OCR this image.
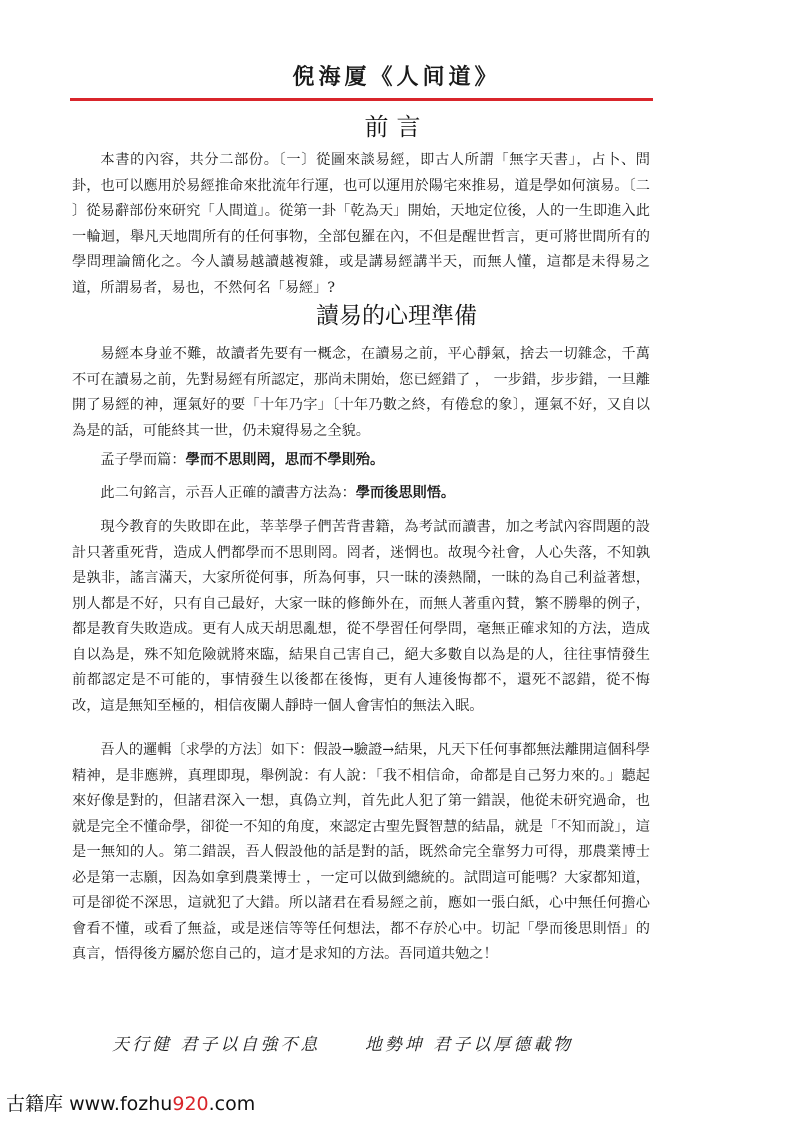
倪海厦《人间道》
前言

本書的內容，共分二部份。〔一〕從圖來談易經，即古人所謂「無字天書」，占卜、問卦，也可以應用於易經推命來批流年行運，也可以運用於陽宅來推易，道是學如何演易。〔二 〕從易辭部份來研究「人間道」。從第一卦「乾為天」開始，天地定位後，人的一生即進入此一輪迴，舉凡天地間所有的任何事物，全部包羅在內，不但是醒世哲言，更可將世間所有的學問理論簡化之。今人讀易越讀越複雜，或是講易經講半天，而無人懂，這都是未得易之道，所謂易者，易也，不然何名「易經」?

讀易的心理準備

易經本身並不難，故讀者先要有一概念，在讀易之前，平心靜氣，捨去一切雜念，千萬不可在讀易之前，先對易經有所認定，那尚未開始，您已經錯了 ， 一步錯，步步錯，一旦離開了易經的神，運氣好的要「十年乃字」〔十年乃數之終，有倦怠的象〕，運氣不好，又自以為是的話，可能終其一世，仍未窺得易之全貌。

孟子學而篇：學而不思則罔，思而不學則殆。

此二句銘言，示吾人正確的讀書方法為：學而後思則悟。

現今教育的失敗即在此，莘莘學子們苦背書籍，為考試而讀書，加之考試內容問題的設計只著重死背，造成人們都學而不思則罔。罔者，迷惘也。故現今社會，人心失落，不知孰是孰非，謠言滿天，大家所從何事，所為何事，只一昧的湊熱鬧，一昧的為自己利益著想，別人都是不好，只有自己最好，大家一昧的修飾外在，而無人著重內賛，繁不勝舉的例子，都是教育失敗造成。更有人成天胡思亂想，從不學習任何學問，毫無正確求知的方法，造成自以為是，殊不知危險就將來臨，結果自己害自己，絕大多數自以為是的人，往往事情發生前都認定是不可能的，事情發生以後都在後悔，更有人連後悔都不，還死不認錯，從不悔改，這是無知至極的，相信夜闌人靜時一個人會害怕的無法入眠。

吾人的邏輯〔求學的方法〕如下：假設→驗證→結果，凡天下任何事都無法離開這個科學精神，是非應辨，真理即現，舉例說：有人說：「我不相信命，命都是自己努力來的。」聽起來好像是對的，但諸君深入一想，真偽立判，首先此人犯了第一錯誤，他從未研究過命，也就是完全不懂命學，卻從一不知的角度，來認定古聖先賢智慧的結晶，就是「不知而說」，這是一無知的人。第二錯誤，吾人假設他的話是對的話，既然命完全靠努力可得，那農業博士必是第一志願，因為如拿到農業博士 ，一定可以做到總統的。試問這可能嗎？大家都知道，可是卻從不深思，這就犯了大錯。所以諸君在看易經之前，應如一張白紙，心中無任何擔心會看不懂，或看了無益，或是迷信等等任何想法，都不存於心中。切記「學而後思則悟」的真言，悟得後方屬於您自己的，這才是求知的方法。吾同道共勉之！

天行健 君子以自強不息	地勢坤 君子以厚德載物
古籍库 www.fozhu920.com
